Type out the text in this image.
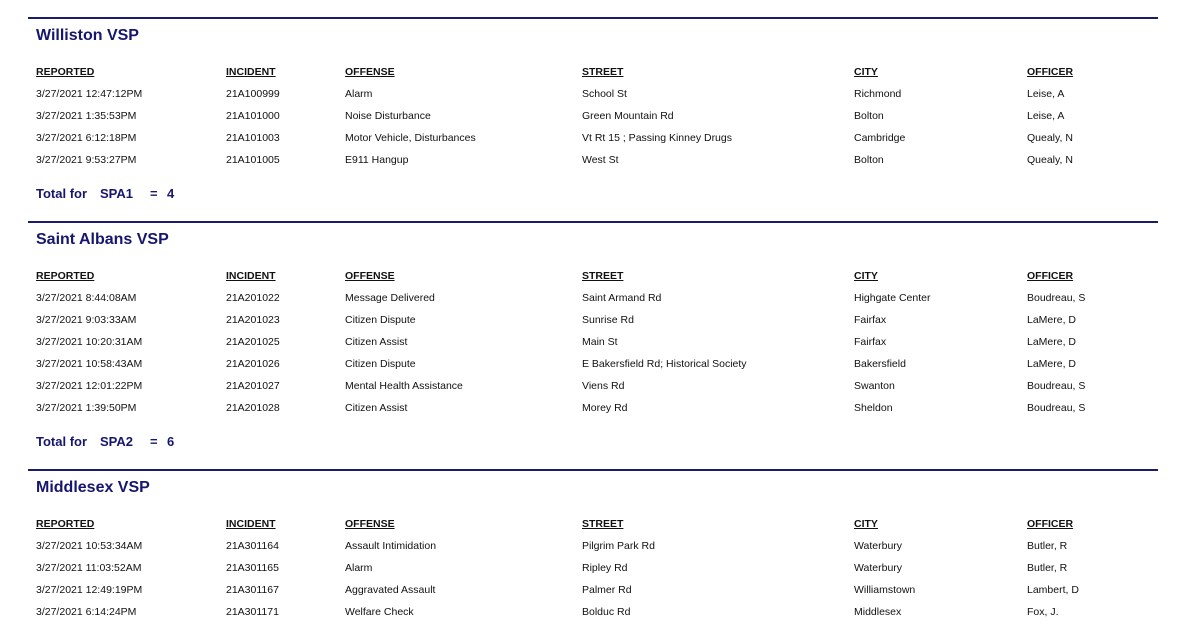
Williston VSP
REPORTED	INCIDENT	OFFENSE	STREET	CITY	OFFICER
3/27/2021 12:47:12PM	21A100999	Alarm	School St	Richmond	Leise, A
3/27/2021 1:35:53PM	21A101000	Noise Disturbance	Green Mountain Rd	Bolton	Leise, A
3/27/2021 6:12:18PM	21A101003	Motor Vehicle, Disturbances	Vt Rt 15 ; Passing Kinney Drugs	Cambridge	Quealy, N
3/27/2021 9:53:27PM	21A101005	E911 Hangup	West St	Bolton	Quealy, N

Total for

SPA1

=

4

Saint Albans VSP
REPORTED	INCIDENT	OFFENSE	STREET	CITY	OFFICER
3/27/2021 8:44:08AM	21A201022	Message Delivered	Saint Armand Rd	Highgate Center	Boudreau, S
3/27/2021 9:03:33AM	21A201023	Citizen Dispute	Sunrise Rd	Fairfax	LaMere, D
3/27/2021 10:20:31AM	21A201025	Citizen Assist	Main St	Fairfax	LaMere, D
3/27/2021 10:58:43AM	21A201026	Citizen Dispute	E Bakersfield Rd; Historical Society	Bakersfield	LaMere, D
3/27/2021 12:01:22PM	21A201027	Mental Health Assistance	Viens Rd	Swanton	Boudreau, S
3/27/2021 1:39:50PM	21A201028	Citizen Assist	Morey Rd	Sheldon	Boudreau, S

Total for

SPA2

=

6

Middlesex VSP
REPORTED	INCIDENT	OFFENSE	STREET	CITY	OFFICER
3/27/2021 10:53:34AM	21A301164	Assault Intimidation	Pilgrim Park Rd	Waterbury	Butler, R
3/27/2021 11:03:52AM	21A301165	Alarm	Ripley Rd	Waterbury	Butler, R
3/27/2021 12:49:19PM	21A301167	Aggravated Assault	Palmer Rd	Williamstown	Lambert, D
3/27/2021 6:14:24PM	21A301171	Welfare Check	Bolduc Rd	Middlesex	Fox, J.
